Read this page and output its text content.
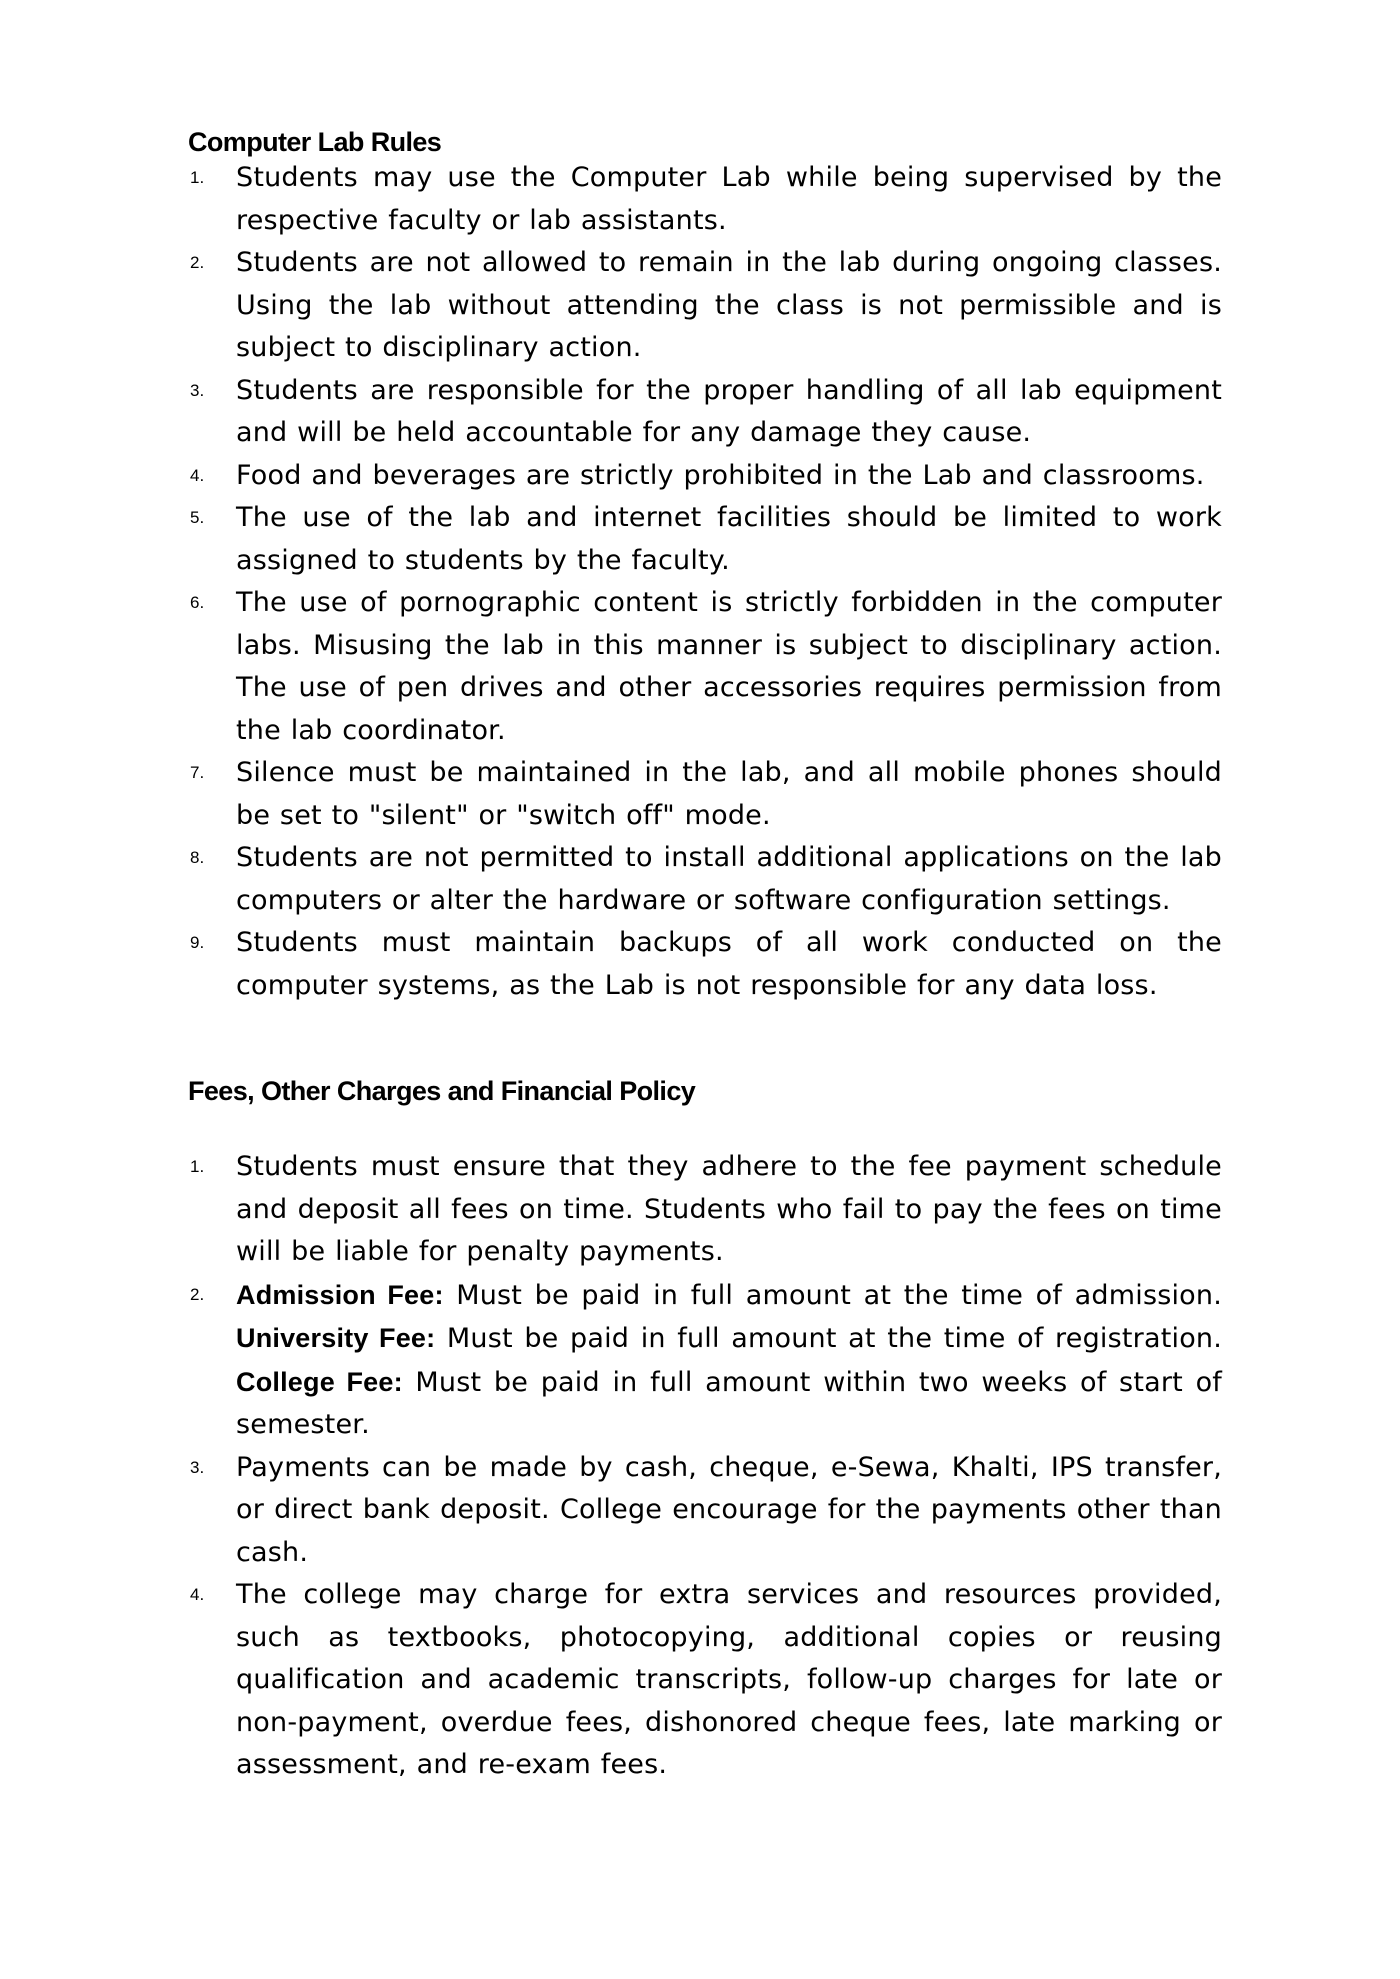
Computer Lab Rules
1. Students may use the Computer Lab while being supervised by the respective faculty or lab assistants.

2. Students are not allowed to remain in the lab during ongoing classes. Using the lab without attending the class is not permissible and is subject to disciplinary action.

3. Students are responsible for the proper handling of all lab equipment and will be held accountable for any damage they cause.

4. Food and beverages are strictly prohibited in the Lab and classrooms.

5. The use of the lab and internet facilities should be limited to work assigned to students by the faculty.

6. The use of pornographic content is strictly forbidden in the computer labs. Misusing the lab in this manner is subject to disciplinary action. The use of pen drives and other accessories requires permission from the lab coordinator.

7. Silence must be maintained in the lab, and all mobile phones should be set to "silent" or "switch off" mode.

8. Students are not permitted to install additional applications on the lab computers or alter the hardware or software configuration settings.

9. Students must maintain backups of all work conducted on the computer systems, as the Lab is not responsible for any data loss.

Fees, Other Charges and Financial Policy
1. Students must ensure that they adhere to the fee payment schedule and deposit all fees on time. Students who fail to pay the fees on time will be liable for penalty payments.

2. Admission Fee: Must be paid in full amount at the time of admission. University Fee: Must be paid in full amount at the time of registration. College Fee: Must be paid in full amount within two weeks of start of semester.

3. Payments can be made by cash, cheque, e-Sewa, Khalti, IPS transfer, or direct bank deposit. College encourage for the payments other than cash.

4. The college may charge for extra services and resources provided, such as textbooks, photocopying, additional copies or reusing qualification and academic transcripts, follow-up charges for late or non-payment, overdue fees, dishonored cheque fees, late marking or assessment, and re-exam fees.
